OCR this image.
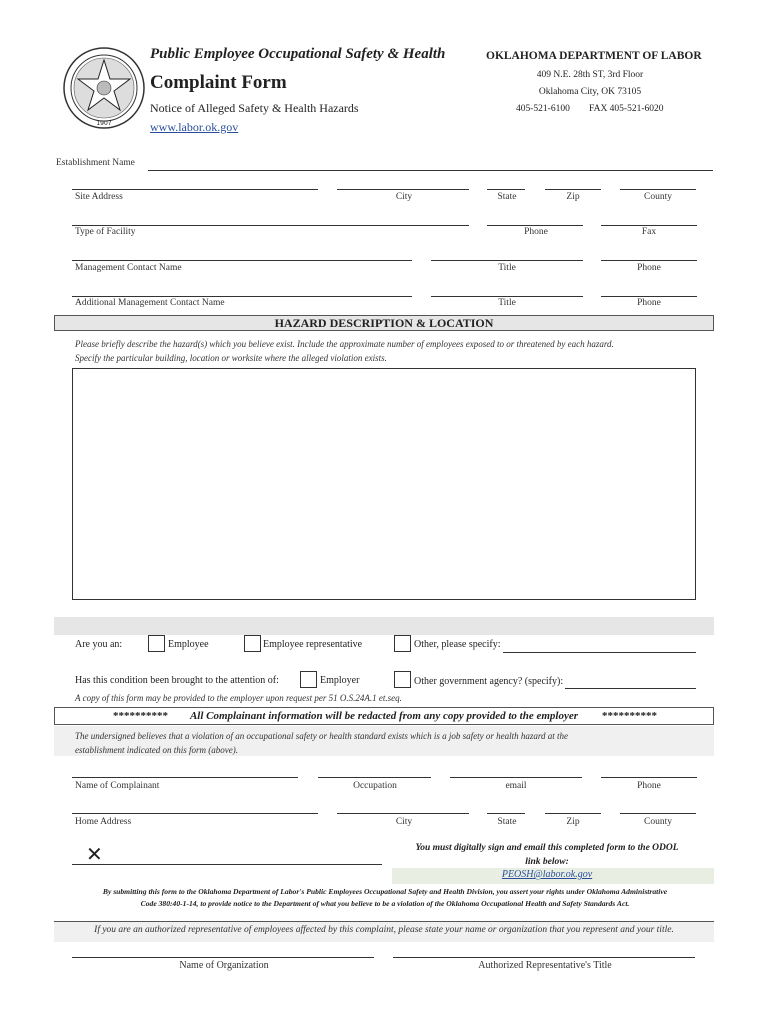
1907
Public Employee Occupational Safety & Health
Complaint Form
Notice of Alleged Safety & Health Hazards
www.labor.ok.gov
OKLAHOMA DEPARTMENT OF LABOR
409 N.E. 28th ST, 3rd Floor
Oklahoma City, OK 73105
405-521-6100 FAX 405-521-6020
Establishment Name
Site Address	City	State	Zip	County
Type of Facility	Phone	Fax
Management Contact Name	Title	Phone
Additional Management Contact Name	Title	Phone
HAZARD DESCRIPTION & LOCATION
Please briefly describe the hazard(s) which you believe exist. Include the approximate number of employees exposed to or threatened by each hazard.
Specify the particular building, location or worksite where the alleged violation exists.
Are you an:	Employee	Employee representative	Other, please specify:
Has this condition been brought to the attention of:	Employer	Other government agency? (specify):
A copy of this form may be provided to the employer upon request per 51 O.S.24A.1 et.seq.
********** All Complainant information will be redacted from any copy provided to the employer **********
The undersigned believes that a violation of an occupational safety or health standard exists which is a job safety or health hazard at the
establishment indicated on this form (above).
Name of Complainant	Occupation	email	Phone
Home Address	City	State	Zip	County
✕	You must digitally sign and email this completed form to the ODOL
link below:
PEOSH@labor.ok.gov
By submitting this form to the Oklahoma Department of Labor's Public Employees Occupational Safety and Health Division, you assert your rights under Oklahoma Administrative
Code 380:40-1-14, to provide notice to the Department of what you believe to be a violation of the Oklahoma Occupational Health and Safety Standards Act.
If you are an authorized representative of employees affected by this complaint, please state your name or organization that you represent and your title.
Name of Organization	Authorized Representative's Title
